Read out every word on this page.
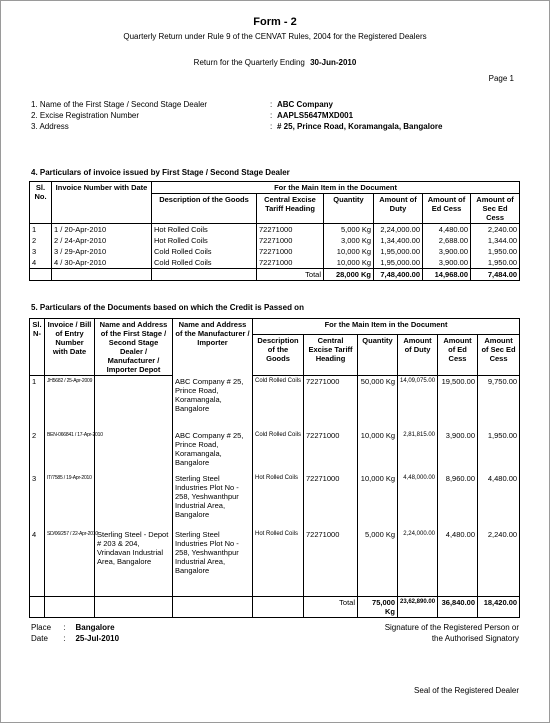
Form - 2
Quarterly Return under Rule 9 of the CENVAT Rules, 2004 for the Registered Dealers
Return for the Quarterly Ending 30-Jun-2010
Page 1
1. Name of the First Stage / Second Stage Dealer	: ABC Company
2. Excise Registration Number	: AAPLS5647MXD001
3. Address	: # 25, Prince Road, Koramangala, Bangalore
4. Particulars of invoice issued by First Stage / Second Stage Dealer
Sl. No.	Invoice Number with Date	For the Main Item in the Document					
		Description of the Goods	Central Excise Tariff Heading	Quantity	Amount of Duty	Amount of Ed Cess	Amount of Sec Ed Cess
1	1 / 20-Apr-2010	Hot Rolled Coils	72271000	5,000 Kg	2,24,000.00	4,480.00	2,240.00
2	2 / 24-Apr-2010	Hot Rolled Coils	72271000	3,000 Kg	1,34,400.00	2,688.00	1,344.00
3	3 / 29-Apr-2010	Cold Rolled Coils	72271000	10,000 Kg	1,95,000.00	3,900.00	1,950.00
4	4 / 30-Apr-2010	Cold Rolled Coils	72271000	10,000 Kg	1,95,000.00	3,900.00	1,950.00
			Total	28,000 Kg	7,48,400.00	14,968.00	7,484.00
5. Particulars of the Documents based on which the Credit is Passed on
Sl. N-	Invoice / Bill of Entry Number with Date	Name and Address of the First Stage / Second Stage Dealer / Manufacturer / Importer Depot	Name and Address of the Manufacturer / Importer	For the Main Item in the Document					
				Description of the Goods	Central Excise Tariff Heading	Quantity	Amount of Duty	Amount of Ed Cess	Amount of Sec Ed Cess
1	JH5682 / 25-Apr-2009		ABC Company # 25, Prince Road, Koramangala, Bangalore	Cold Rolled Coils	72271000	50,000 Kg	14,09,075.00	19,500.00	9,750.00
2	BEN-066841 / 17-Apr-2010		ABC Company # 25, Prince Road, Koramangala, Bangalore	Cold Rolled Coils	72271000	10,000 Kg	2,81,815.00	3,900.00	1,950.00
3	IT/7585 / 19-Apr-2010		Sterling Steel Industries Plot No - 258, Yeshwanthpur Industrial Area, Bangalore	Hot Rolled Coils	72271000	10,000 Kg	4,48,000.00	8,960.00	4,480.00
4	SD/06/257 / 22-Apr-2010	Sterling Steel - Depot # 203 & 204, Vrindavan Industrial Area, Bangalore	Sterling Steel Industries Plot No - 258, Yeshwanthpur Industrial Area, Bangalore	Hot Rolled Coils	72271000	5,000 Kg	2,24,000.00	4,480.00	2,240.00
					Total	75,000 Kg	23,62,890.00	36,840.00	18,420.00
Place : Bangalore
Date : 25-Jul-2010
Signature of the Registered Person or
the Authorised Signatory
Seal of the Registered Dealer
